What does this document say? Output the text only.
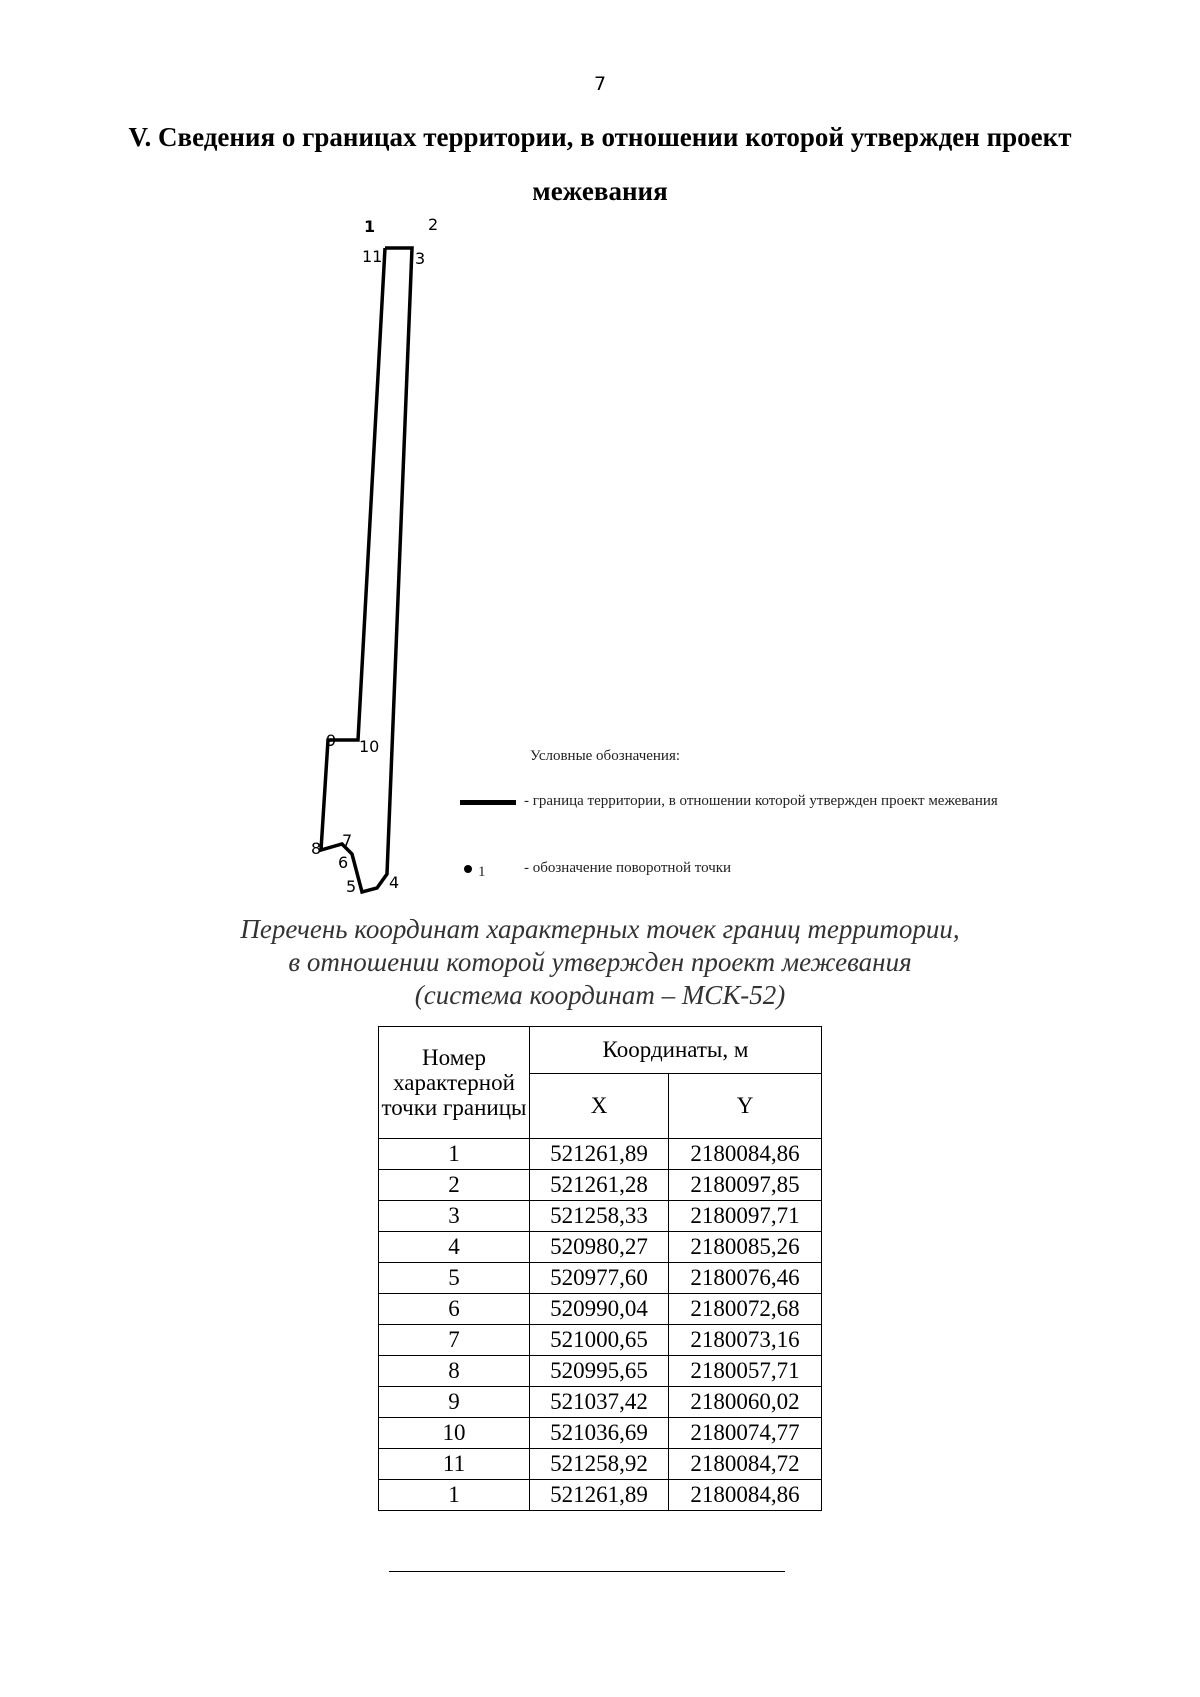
7
V. Сведения о границах территории, в отношении которой утвержден проект
межевания
1	2
11 3
9 10
8 7
6
5 4
Условные обозначения:
- граница территории, в отношении которой утвержден проект межевания
1	- обозначение поворотной точки
Перечень координат характерных точек границ территории,
в отношении которой утвержден проект межевания
(система координат – МСК-52)
Номер характерной точки границы	Координаты, м	
	X	Y
1	521261,89	2180084,86
2	521261,28	2180097,85
3	521258,33	2180097,71
4	520980,27	2180085,26
5	520977,60	2180076,46
6	520990,04	2180072,68
7	521000,65	2180073,16
8	520995,65	2180057,71
9	521037,42	2180060,02
10	521036,69	2180074,77
11	521258,92	2180084,72
1	521261,89	2180084,86
